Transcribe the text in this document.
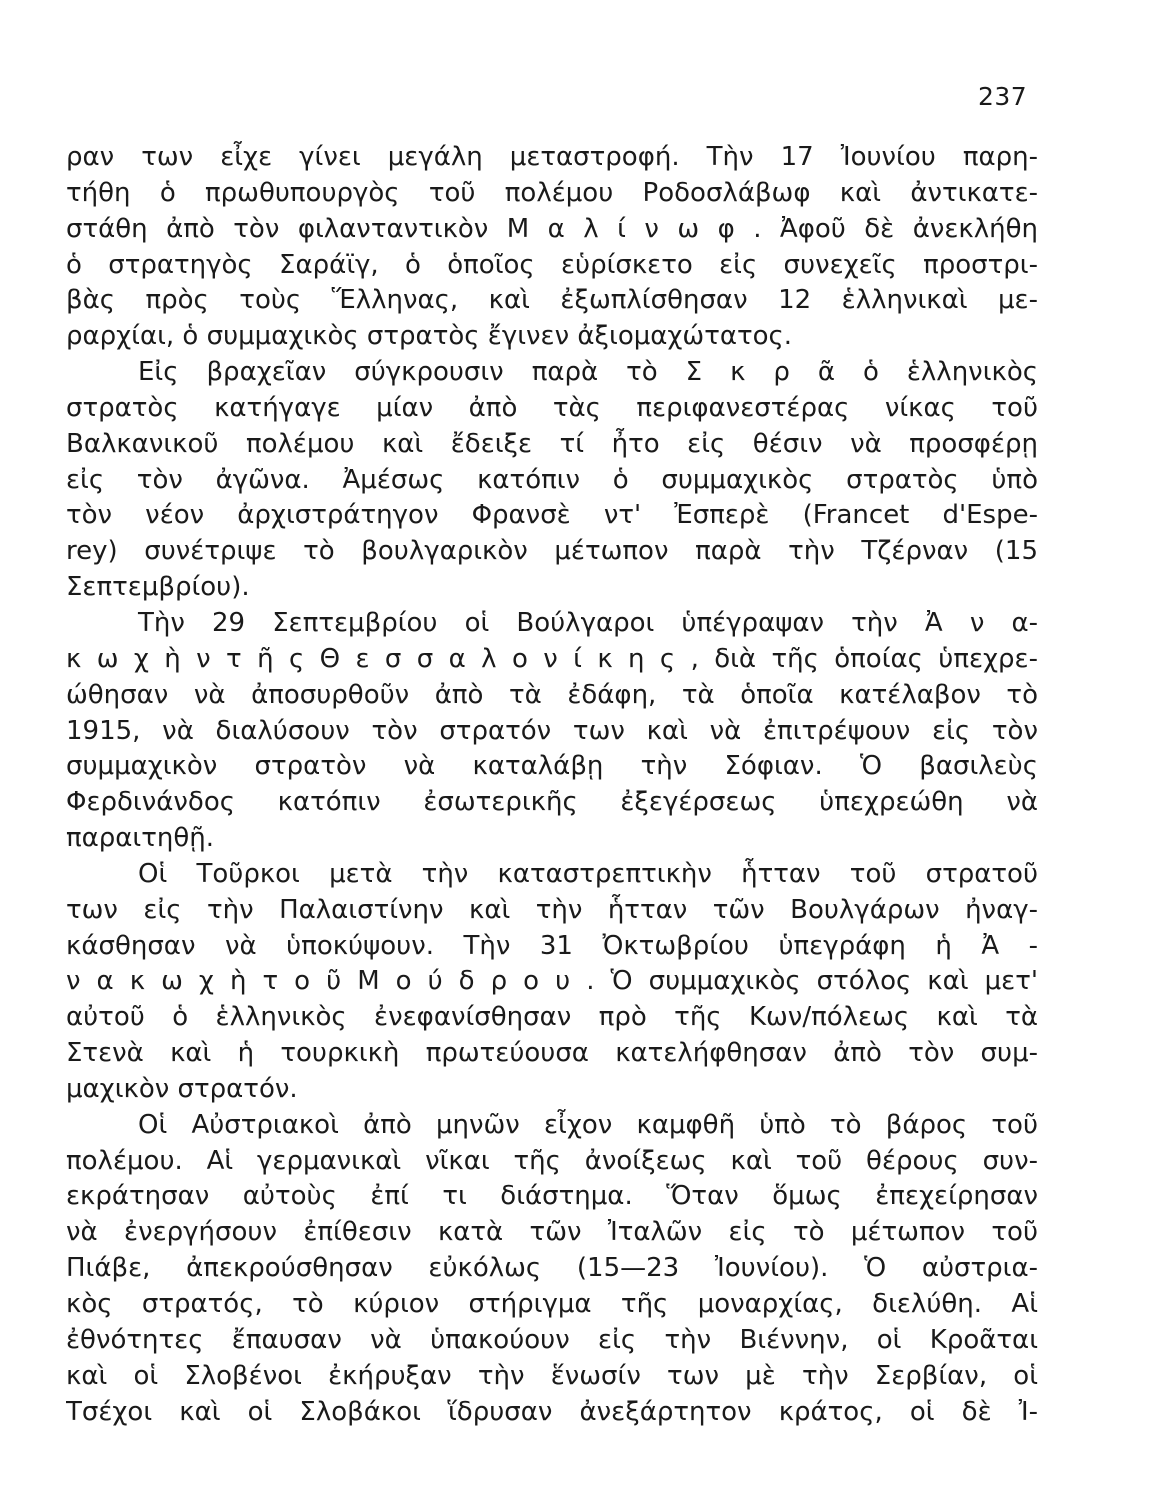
237
ραν των εἶχε γίνει μεγάλη μεταστροφή. Τὴν 17 Ἰουνίου παρη-
τήθη ὁ πρωθυπουργὸς τοῦ πολέμου Ροδοσλάβωφ καὶ ἀντικατε-
στάθη ἀπὸ τὸν φιλανταντικὸν Μ α λ ί ν ω φ . Ἀφοῦ δὲ ἀνεκλήθη
ὁ στρατηγὸς Σαράϊγ, ὁ ὁποῖος εὑρίσκετο εἰς συνεχεῖς προστρι-
βὰς πρὸς τοὺς Ἕλληνας, καὶ ἐξωπλίσθησαν 12 ἑλληνικαὶ με-
ραρχίαι, ὁ συμμαχικὸς στρατὸς ἔγινεν ἀξιομαχώτατος.
Εἰς βραχεῖαν σύγκρουσιν παρὰ τὸ Σ κ ρ ᾶ ὁ ἑλληνικὸς
στρατὸς κατήγαγε μίαν ἀπὸ τὰς περιφανεστέρας νίκας τοῦ
Βαλκανικοῦ πολέμου καὶ ἔδειξε τί ἦτο εἰς θέσιν νὰ προσφέρῃ
εἰς τὸν ἀγῶνα. Ἀμέσως κατόπιν ὁ συμμαχικὸς στρατὸς ὑπὸ
τὸν νέον ἀρχιστράτηγον Φρανσὲ ντ' Ἐσπερὲ (Francet d'Espe-
rey) συνέτριψε τὸ βουλγαρικὸν μέτωπον παρὰ τὴν Τζέρναν (15
Σεπτεμβρίου).
Τὴν 29 Σεπτεμβρίου οἱ Βούλγαροι ὑπέγραψαν τὴν Ἀ ν α-
κ ω χ ὴ ν τ ῆ ς Θ ε σ σ α λ ο ν ί κ η ς , διὰ τῆς ὁποίας ὑπεχρε-
ώθησαν νὰ ἀποσυρθοῦν ἀπὸ τὰ ἐδάφη, τὰ ὁποῖα κατέλαβον τὸ
1915, νὰ διαλύσουν τὸν στρατόν των καὶ νὰ ἐπιτρέψουν εἰς τὸν
συμμαχικὸν στρατὸν νὰ καταλάβῃ τὴν Σόφιαν. Ὁ βασιλεὺς
Φερδινάνδος κατόπιν ἐσωτερικῆς ἐξεγέρσεως ὑπεχρεώθη νὰ
παραιτηθῇ.
Οἱ Τοῦρκοι μετὰ τὴν καταστρεπτικὴν ἧτταν τοῦ στρατοῦ
των εἰς τὴν Παλαιστίνην καὶ τὴν ἧτταν τῶν Βουλγάρων ἠναγ-
κάσθησαν νὰ ὑποκύψουν. Τὴν 31 Ὀκτωβρίου ὑπεγράφη ἡ Ἀ -
ν α κ ω χ ὴ τ ο ῦ Μ ο ύ δ ρ ο υ . Ὁ συμμαχικὸς στόλος καὶ μετ'
αὐτοῦ ὁ ἑλληνικὸς ἐνεφανίσθησαν πρὸ τῆς Κων/πόλεως καὶ τὰ
Στενὰ καὶ ἡ τουρκικὴ πρωτεύουσα κατελήφθησαν ἀπὸ τὸν συμ-
μαχικὸν στρατόν.
Οἱ Αὐστριακοὶ ἀπὸ μηνῶν εἶχον καμφθῆ ὑπὸ τὸ βάρος τοῦ
πολέμου. Αἱ γερμανικαὶ νῖκαι τῆς ἀνοίξεως καὶ τοῦ θέρους συν-
εκράτησαν αὐτοὺς ἐπί τι διάστημα. Ὅταν ὅμως ἐπεχείρησαν
νὰ ἐνεργήσουν ἐπίθεσιν κατὰ τῶν Ἰταλῶν εἰς τὸ μέτωπον τοῦ
Πιάβε, ἀπεκρούσθησαν εὐκόλως (15—23 Ἰουνίου). Ὁ αὐστρια-
κὸς στρατός, τὸ κύριον στήριγμα τῆς μοναρχίας, διελύθη. Αἱ
ἐθνότητες ἔπαυσαν νὰ ὑπακούουν εἰς τὴν Βιέννην, οἱ Κροᾶται
καὶ οἱ Σλοβένοι ἐκήρυξαν τὴν ἕνωσίν των μὲ τὴν Σερβίαν, οἱ
Τσέχοι καὶ οἱ Σλοβάκοι ἵδρυσαν ἀνεξάρτητον κράτος, οἱ δὲ Ἰ-
